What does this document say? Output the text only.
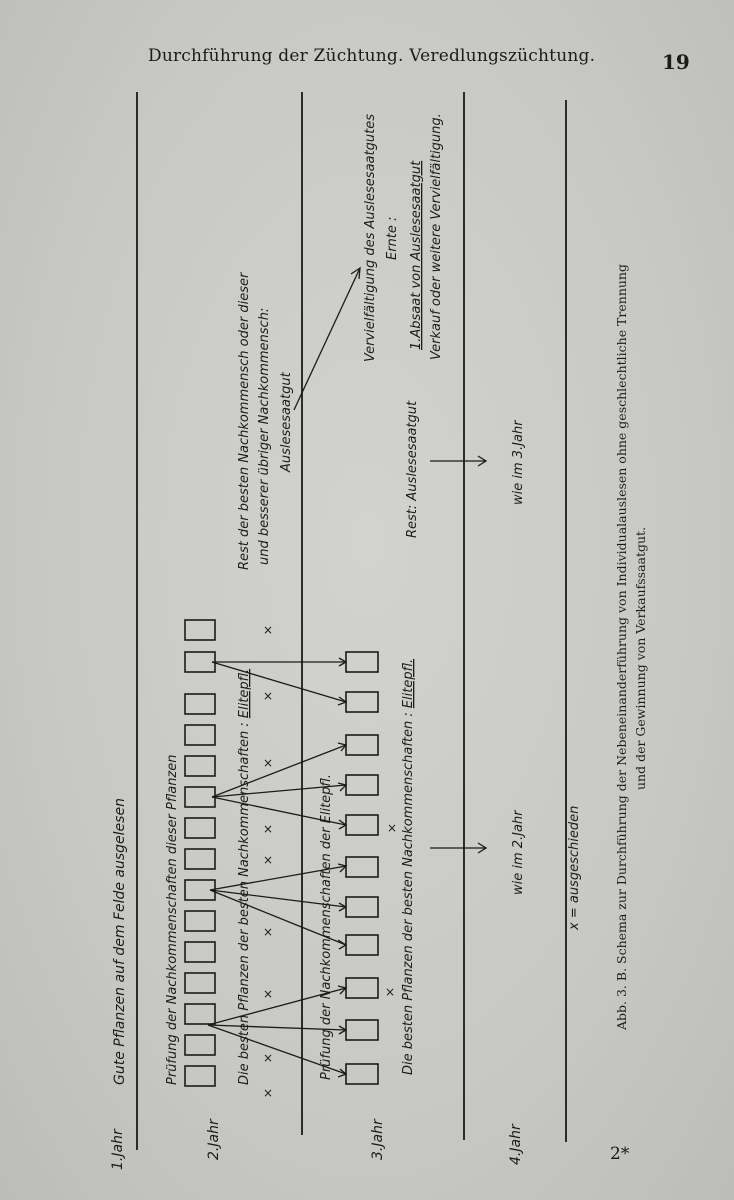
Durchführung der Züchtung. Veredlungszüchtung.	19
1.Jahr	2.Jahr	3.Jahr	4.Jahr
Gute Pflanzen auf dem Felde ausgelesen	Prüfung der Nachkommenschaften dieser Pflanzen	Die besten Pflanzen der besten Nachkommenschaften :Elitepfl.
Rest der besten Nachkommensch oder dieser und besserer übriger Nachkommensch: Auslesesaatgut
Vervielfältigung des Auslesesaatgutes Ernte : 1.Absaat von Auslesesaatgut Verkauf oder weitere Vervielfältigung.
Prüfung der Nachkommenschaften der Elitepfl.	Die besten Pflanzen der besten Nachkommenschaften :Elitepfl.
Rest: Auslesesaatgut	wie im 3.Jahr
wie im 2.Jahr	x = ausgeschieden	Abb. 3. B. Schema zur Durchführung der Nebeneinanderführung von Individualauslesen ohne geschlechtliche Trennung und der Gewinnung von Verkaufssaatgut.
×
×
×
×
×
×
×
×
×
×
×
2*
